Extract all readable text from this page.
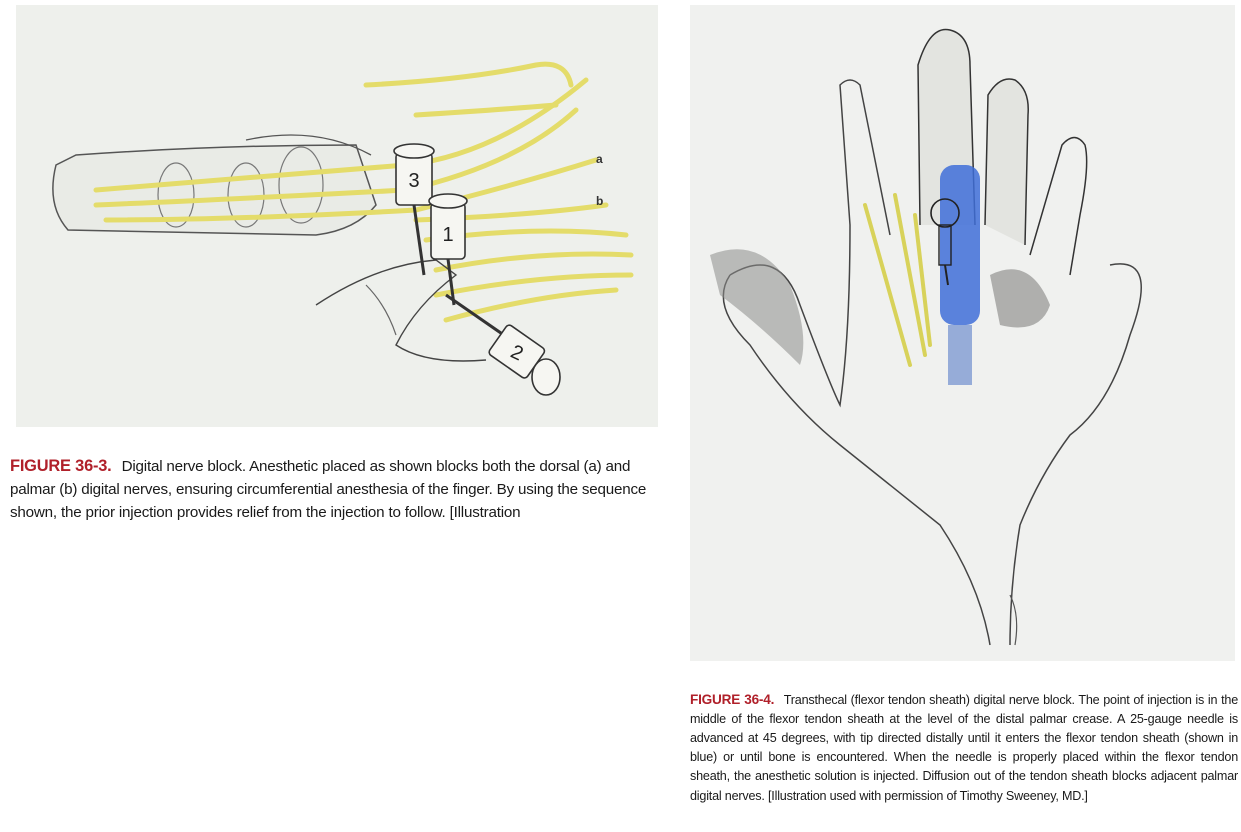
3
1
2
a
b

FIGURE 36-3. Digital nerve block. Anesthetic placed as shown blocks both the dorsal (a) and palmar (b) digital nerves, ensuring circumferential anesthesia of the finger. By using the sequence shown, the prior injection provides relief from the injection to follow. [Illustration

FIGURE 36-4. Transthecal (flexor tendon sheath) digital nerve block. The point of injection is in the middle of the flexor tendon sheath at the level of the distal palmar crease. A 25-gauge needle is advanced at 45 degrees, with tip directed distally until it enters the flexor tendon sheath (shown in blue) or until bone is encountered. When the needle is properly placed within the flexor tendon sheath, the anesthetic solution is injected. Diffusion out of the tendon sheath blocks adjacent palmar digital nerves. [Illustration used with permission of Timothy Sweeney, MD.]
